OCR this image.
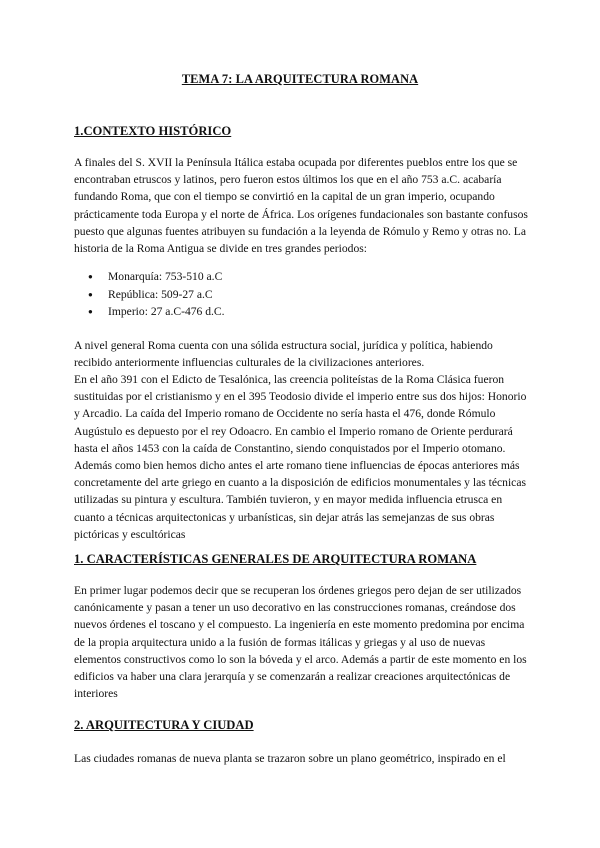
TEMA 7: LA ARQUITECTURA ROMANA
1.CONTEXTO HISTÓRICO

A finales del S. XVII la Península Itálica estaba ocupada por diferentes pueblos entre los que se encontraban etruscos y latinos, pero fueron estos últimos los que en el año 753 a.C. acabaría fundando Roma, que con el tiempo se convirtió en la capital de un gran imperio, ocupando prácticamente toda Europa y el norte de África. Los orígenes fundacionales son bastante confusos puesto que algunas fuentes atribuyen su fundación a la leyenda de Rómulo y Remo y otras no. La historia de la Roma Antigua se divide en tres grandes periodos:

● Monarquía: 753-510 a.C
● República: 509-27 a.C
● Imperio: 27 a.C-476 d.C.

A nivel general Roma cuenta con una sólida estructura social, jurídica y política, habiendo recibido anteriormente influencias culturales de la civilizaciones anteriores.

En el año 391 con el Edicto de Tesalónica, las creencia politeístas de la Roma Clásica fueron sustituidas por el cristianismo y en el 395 Teodosio divide el imperio entre sus dos hijos: Honorio y Arcadio. La caída del Imperio romano de Occidente no sería hasta el 476, donde Rómulo Augústulo es depuesto por el rey Odoacro. En cambio el Imperio romano de Oriente perdurará hasta el años 1453 con la caída de Constantino, siendo conquistados por el Imperio otomano. Además como bien hemos dicho antes el arte romano tiene influencias de épocas anteriores más concretamente del arte griego en cuanto a la disposición de edificios monumentales y las técnicas utilizadas su pintura y escultura. También tuvieron, y en mayor medida influencia etrusca en cuanto a técnicas arquitectonicas y urbanísticas, sin dejar atrás las semejanzas de sus obras pictóricas y escultóricas

1. CARACTERÍSTICAS GENERALES DE ARQUITECTURA ROMANA

En primer lugar podemos decir que se recuperan los órdenes griegos pero dejan de ser utilizados canónicamente y pasan a tener un uso decorativo en las construcciones romanas, creándose dos nuevos órdenes el toscano y el compuesto. La ingeniería en este momento predomina por encima de la propia arquitectura unido a la fusión de formas itálicas y griegas y al uso de nuevas elementos constructivos como lo son la bóveda y el arco. Además a partir de este momento en los edificios va haber una clara jerarquía y se comenzarán a realizar creaciones arquitectónicas de interiores

2. ARQUITECTURA Y CIUDAD

Las ciudades romanas de nueva planta se trazaron sobre un plano geométrico, inspirado en el
